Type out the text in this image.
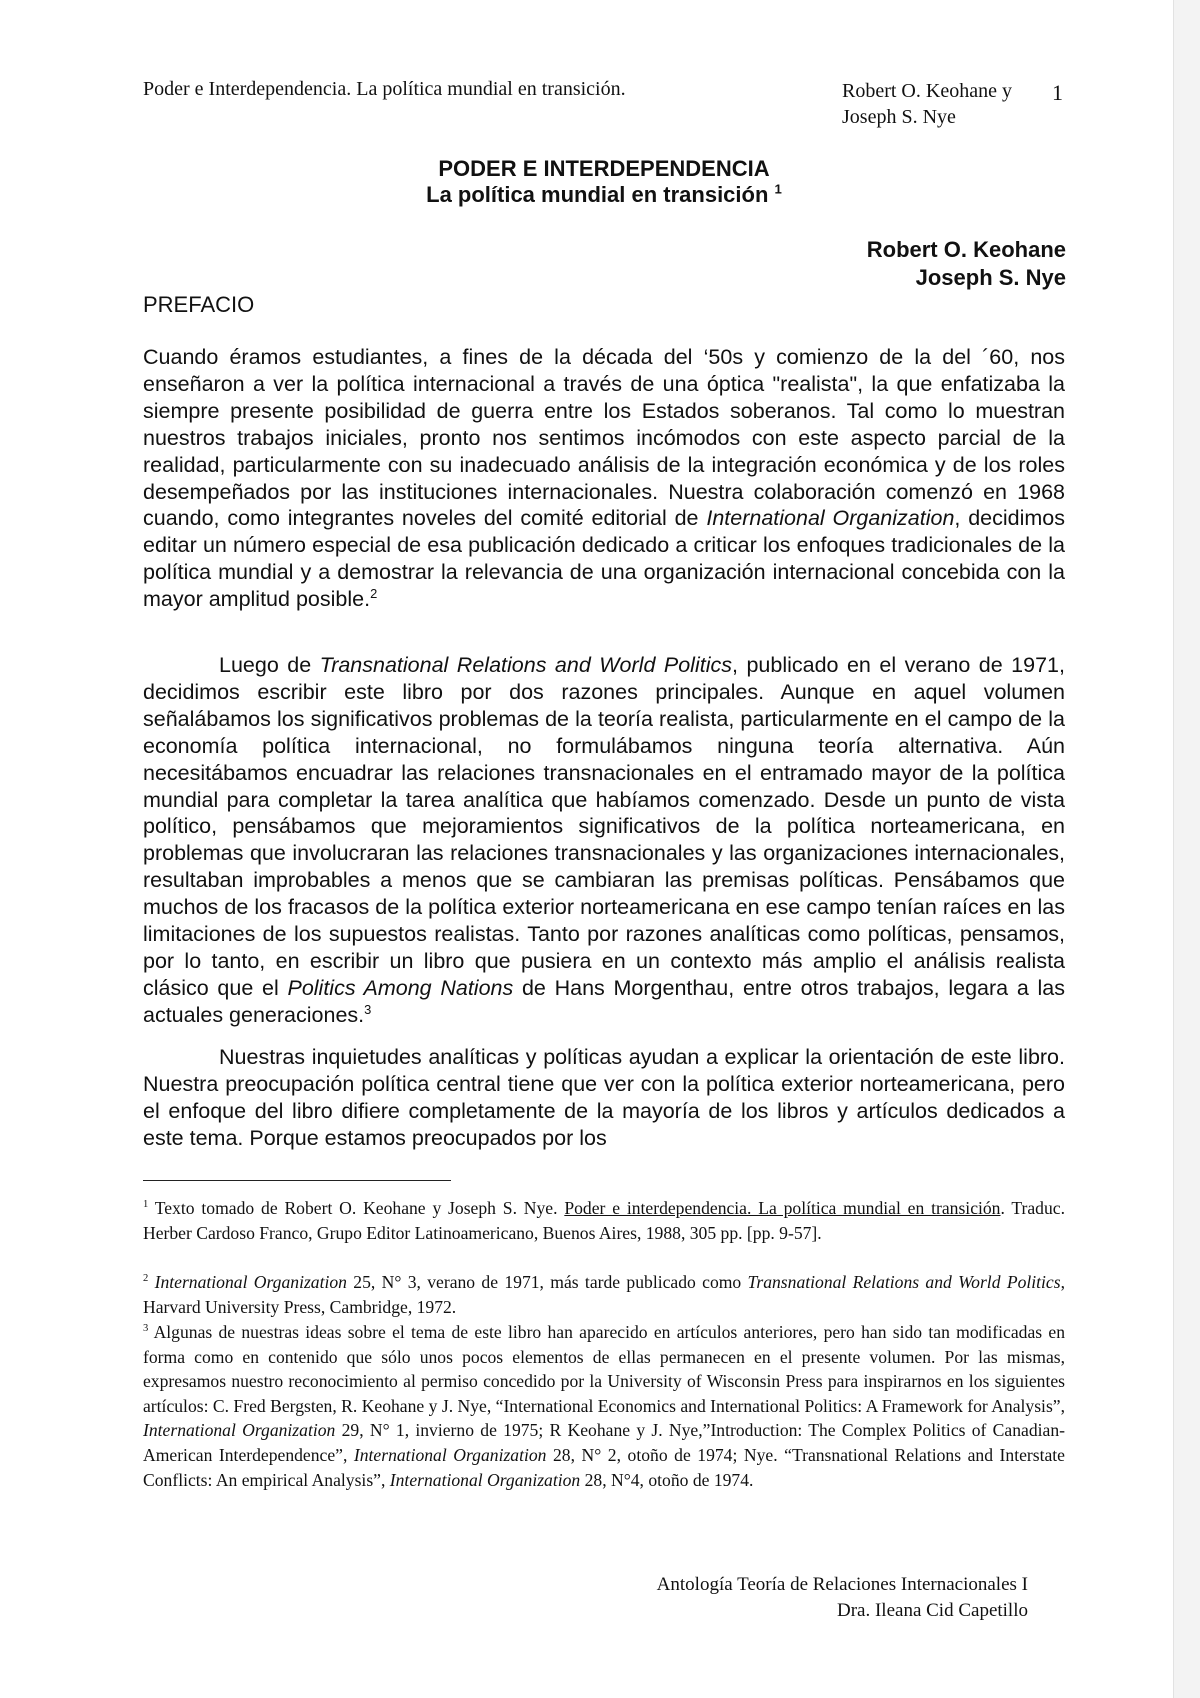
Poder e Interdependencia. La política mundial en transición.	Robert O. Keohane y
Joseph S. Nye
1
PODER E INTERDEPENDENCIA
La política mundial en transición $^1$
Robert O. Keohane
Joseph S. Nye
PREFACIO
Cuando éramos estudiantes, a fines de la década del ‘50s y comienzo de la del ´60, nos enseñaron a ver la política internacional a través de una óptica "realista", la que enfatizaba la siempre presente posibilidad de guerra entre los Estados soberanos. Tal como lo muestran nuestros trabajos iniciales, pronto nos sentimos incómodos con este aspecto parcial de la realidad, particularmente con su inadecuado análisis de la integración económica y de los roles desempeñados por las instituciones internacionales. Nuestra colaboración comenzó en 1968 cuando, como integrantes noveles del comité editorial de International Organization, decidimos editar un número especial de esa publicación dedicado a criticar los enfoques tradicionales de la política mundial y a demostrar la relevancia de una organización internacional concebida con la mayor amplitud posible.$^2$
Luego de Transnational Relations and World Politics, publicado en el verano de 1971, decidimos escribir este libro por dos razones principales. Aunque en aquel volumen señalábamos los significativos problemas de la teoría realista, particularmente en el campo de la economía política internacional, no formulábamos ninguna teoría alternativa. Aún necesitábamos encuadrar las relaciones transnacionales en el entramado mayor de la política mundial para completar la tarea analítica que habíamos comenzado. Desde un punto de vista político, pensábamos que mejoramientos significativos de la política norteamericana, en problemas que involucraran las relaciones transnacionales y las organizaciones internacionales, resultaban improbables a menos que se cambiaran las premisas políticas. Pensábamos que muchos de los fracasos de la política exterior norteamericana en ese campo tenían raíces en las limitaciones de los supuestos realistas. Tanto por razones analíticas como políticas, pensamos, por lo tanto, en escribir un libro que pusiera en un contexto más amplio el análisis realista clásico que el Politics Among Nations de Hans Morgenthau, entre otros trabajos, legara a las actuales generaciones.$^3$
Nuestras inquietudes analíticas y políticas ayudan a explicar la orientación de este libro. Nuestra preocupación política central tiene que ver con la política exterior norteamericana, pero el enfoque del libro difiere completamente de la mayoría de los libros y artículos dedicados a este tema. Porque estamos preocupados por los
$^1$ Texto tomado de Robert O. Keohane y Joseph S. Nye. Poder e interdependencia. La política mundial en transición. Traduc. Herber Cardoso Franco, Grupo Editor Latinoamericano, Buenos Aires, 1988, 305 pp. [pp. 9-57].
$^2$ International Organization 25, N° 3, verano de 1971, más tarde publicado como Transnational Relations and World Politics, Harvard University Press, Cambridge, 1972.
$^3$ Algunas de nuestras ideas sobre el tema de este libro han aparecido en artículos anteriores, pero han sido tan modificadas en forma como en contenido que sólo unos pocos elementos de ellas permanecen en el presente volumen. Por las mismas, expresamos nuestro reconocimiento al permiso concedido por la University of Wisconsin Press para inspirarnos en los siguientes artículos: C. Fred Bergsten, R. Keohane y J. Nye, “International Economics and International Politics: A Framework for Analysis”, International Organization 29, N° 1, invierno de 1975; R Keohane y J. Nye,”Introduction: The Complex Politics of Canadian-American Interdependence”, International Organization 28, N° 2, otoño de 1974; Nye. “Transnational Relations and Interstate Conflicts: An empirical Analysis”, International Organization 28, N°4, otoño de 1974.
Antología Teoría de Relaciones Internacionales I
Dra. Ileana Cid Capetillo
